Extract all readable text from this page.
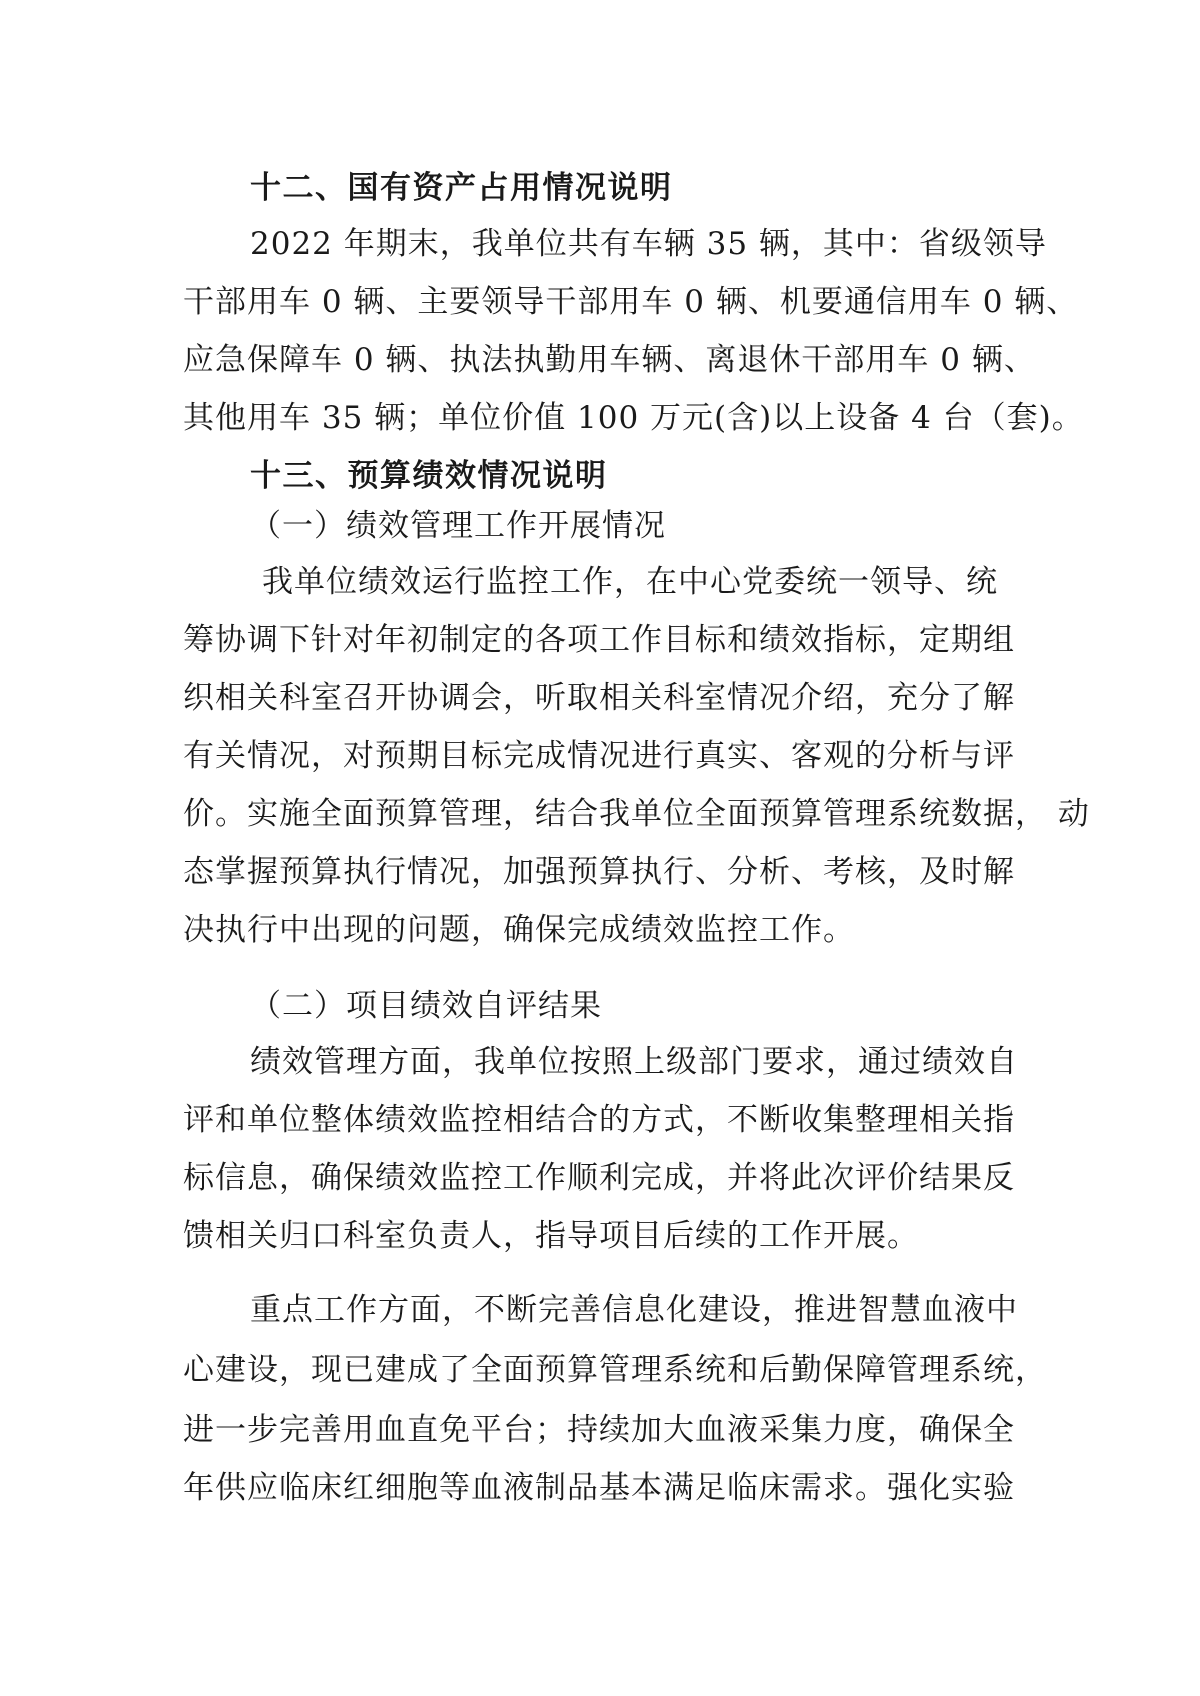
十二、国有资产占用情况说明
2022 年期末，我单位共有车辆 35 辆，其中：省级领导
干部用车 0 辆、主要领导干部用车 0 辆、机要通信用车 0 辆、
应急保障车 0 辆、执法执勤用车辆、离退休干部用车 0 辆、
其他用车 35 辆；单位价值 100 万元(含)以上设备 4 台（套)。
十三、预算绩效情况说明
（一）绩效管理工作开展情况
我单位绩效运行监控工作，在中心党委统一领导、统
筹协调下针对年初制定的各项工作目标和绩效指标，定期组
织相关科室召开协调会，听取相关科室情况介绍，充分了解
有关情况，对预期目标完成情况进行真实、客观的分析与评
价。实施全面预算管理，结合我单位全面预算管理系统数据， 动
态掌握预算执行情况，加强预算执行、分析、考核，及时解
决执行中出现的问题，确保完成绩效监控工作。
（二）项目绩效自评结果
绩效管理方面，我单位按照上级部门要求，通过绩效自
评和单位整体绩效监控相结合的方式，不断收集整理相关指
标信息，确保绩效监控工作顺利完成，并将此次评价结果反
馈相关归口科室负责人，指导项目后续的工作开展。
重点工作方面，不断完善信息化建设，推进智慧血液中
心建设，现已建成了全面预算管理系统和后勤保障管理系统，
进一步完善用血直免平台；持续加大血液采集力度，确保全
年供应临床红细胞等血液制品基本满足临床需求。强化实验
